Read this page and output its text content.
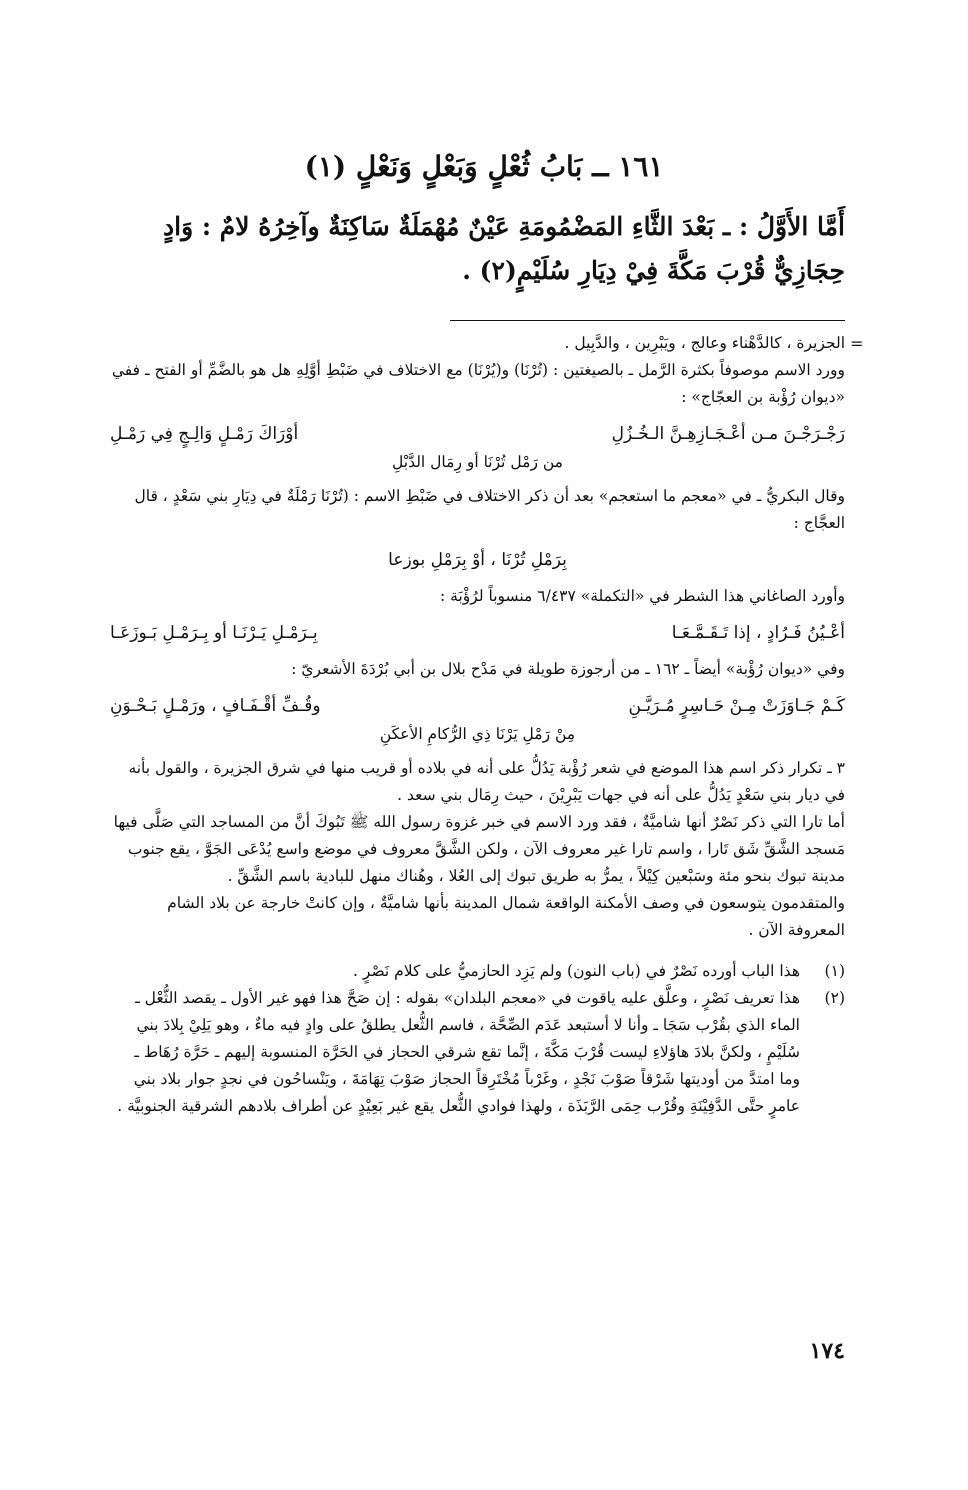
١٦١ ــ بَابُ ثُعْلٍ وَبَعْلٍ وَنَعْلٍ (١)
أَمَّا الأَوَّلُ : ـ بَعْدَ الثَّاءِ المَضْمُومَةِ عَيْنٌ مُهْمَلَةٌ سَاكِنَةٌ وآخِرُهُ لامٌ : وَادٍ حِجَازِيٌّ قُرْبَ مَكَّةَ فِيْ دِيَارِ سُلَيْمٍ(٢) .
=

الجزيرة ، كالدَّهْناء وعالج ، ويَبْرِين ، والدَّبِيل .

وورد الاسم موصوفاً بكثرة الرَّمل ـ بالصيغتين : (تُرْنَا) و(يُرْنَا) مع الاختلاف في ضَبْطِ أوَّلِهِ هل هو بالضَّمِّ أو الفتح ـ ففي «ديوان رُؤْبة بن العجّاج» :

رَجْـرَجْـنَ مـن أعْـجَـازِهِـنَّ الـخُـزُلِ
أوْرَاكَ رَمْـلٍ وَالِـجٍ فِي رَمْـلِ
من رَمْل تُرْنَا أو رِمَال الدَّبْلِ

وقال البكريُّ ـ في «معجم ما استعجم» بعد أن ذكر الاختلاف في ضَبْطِ الاسم : (تُرْنَا رَمْلَةٌ في دِيَارِ بني سَعْدٍ ، قال العجَّاج :

بِرَمْلِ تُرْنَا ، أوْ بِرَمْلِ بوزعا

وأورد الصاغاني هذا الشطر في «التكملة» ٦/٤٣٧ منسوباً لرُؤْبَة :

أعْـيُنُ فَـرُادٍ ، إذا تَـقَـمَّـعَـا
بِـرَمْـلِ يَـرْنَـا أو بِـرَمْـلِ بَـوزَعَـا

وفي «ديوان رُؤْبة» أيضاً ـ ١٦٢ ـ من أرجوزة طويلة في مَدْح بلال بن أبي بُرْدَةَ الأشعريّ :

كَـمْ جَـاوَزَتْ مِـنْ حَـاسِرٍ مُـرَيَّـنِ
وقُـفِّ أقْـفَـافٍ ، ورَمْـلٍ بَـحْـوَنِ
مِنْ رَمْلِ يَرْنَا ذِي الرُّكامِ الأعكَنِ

٣ ـ تكرار ذكر اسم هذا الموضع في شعر رُؤْبة يَدُلُّ على أنه في بلاده أو قريب منها في شرق الجزيرة ، والقول بأنه في ديار بني سَعْدٍ يَدُلُّ على أنه في جهات يَبْرِيْنَ ، حيث رِمَال بني سعد .

أما تارا التي ذكر نَصْرٌ أنها شاميَّةٌ ، فقد ورد الاسم في خبر غزوة رسول الله ﷺ تَبُوكَ أنَّ من المساجد التي صَلَّى فيها مَسجد الشَّقِّ شَق تَارا ، واسم تارا غير معروف الآن ، ولكن الشَّقَّ معروف في موضع واسع يُدْعَى الجَوَّ ، يقع جنوب مدينة تبوك بنحو مئة وسَبْعين كِيْلاً ، يمرُّ به طريق تبوك إلى العُلا ، وهُناك منهل للبادية باسم الشَّقِّ .

والمتقدمون يتوسعون في وصف الأمكنة الواقعة شمال المدينة بأنها شاميَّةٌ ، وإن كانتْ خارجة عن بلاد الشام المعروفة الآن .

(١)
هذا الباب أورده نَصْرٌ في (باب النون) ولم يَزِد الحازميُّ على كلام نَصْرٍ .
(٢)
هذا تعريف نَصْرٍ ، وعلَّق عليه ياقوت في «معجم البلدان» بقوله : إن صَحَّ هذا فهو غير الأول ـ يقصد الثُّعْل ـ الماء الذي بقُرْب سَجَا ـ وأنا لا أستبعد عَدَم الصِّحَّة ، فاسم الثُّعل يطلقُ على وادٍ فيه ماءٌ ، وهو يَلِيْ بِلادَ بني سُلَيْمٍ ، ولكنَّ بلادَ هاؤلاءِ ليست قُرْبَ مَكَّةَ ، إنَّما تقع شرقي الحجاز في الحَرَّة المنسوبة إليهم ـ حَرَّة رُهَاط ـ وما امتدَّ من أوديتها شَرْقاً صَوْبَ نَجْدٍ ، وغَرْباً مُخْتَرِقاً الحجاز صَوْبَ تِهَامَةَ ، ويَنْساحُون في نجدٍ جوار بلاد بني عامرٍ حتَّى الدَّفِيْنَةِ وقُرْب حِمَى الرَّبَذَة ، ولهذا فوادي الثُّعل يقع غير بَعِيْدٍ عن أطراف بلادهم الشرقية الجنوبيَّة .
١٧٤
